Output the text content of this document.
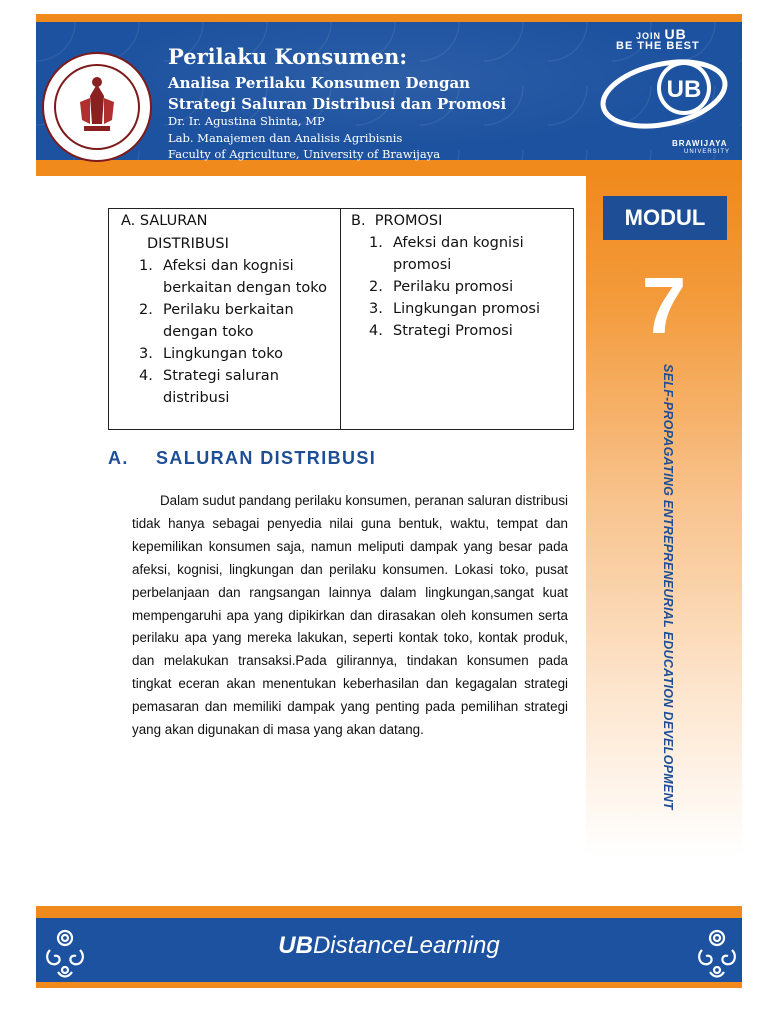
Perilaku Konsumen:
Analisa Perilaku Konsumen Dengan
Strategi Saluran Distribusi dan Promosi
Dr. Ir. Agustina Shinta, MP
Lab. Manajemen dan Analisis Agribisnis
Faculty of Agriculture, University of Brawijaya
JOIN UB
BE THE BEST
UB
BRAWIJAYA
UNIVERSITY
MODUL
7
SELF-PROPAGATING ENTREPRENEURIAL EDUCATION DEVELOPMENT
A. SALURAN
DISTRIBUSI
1. Afeksi dan kognisi berkaitan dengan toko
2. Perilaku berkaitan dengan toko
3. Lingkungan toko
4. Strategi saluran distribusi
B.  PROMOSI
1. Afeksi dan kognisi promosi
2. Perilaku promosi
3. Lingkungan promosi
4. Strategi Promosi
A. SALURAN DISTRIBUSI

Dalam sudut pandang perilaku konsumen, peranan saluran distribusi tidak hanya sebagai penyedia nilai guna bentuk, waktu, tempat dan kepemilikan konsumen saja, namun meliputi dampak yang besar pada afeksi, kognisi, lingkungan dan perilaku konsumen. Lokasi toko, pusat perbelanjaan dan rangsangan lainnya dalam lingkungan,sangat kuat mempengaruhi apa yang dipikirkan dan dirasakan oleh konsumen serta perilaku apa yang mereka lakukan, seperti kontak toko, kontak produk, dan melakukan transaksi.Pada gilirannya, tindakan konsumen pada tingkat eceran akan menentukan keberhasilan dan kegagalan strategi pemasaran dan memiliki dampak yang penting pada pemilihan strategi yang akan digunakan di masa yang akan datang.

UBDistanceLearning
